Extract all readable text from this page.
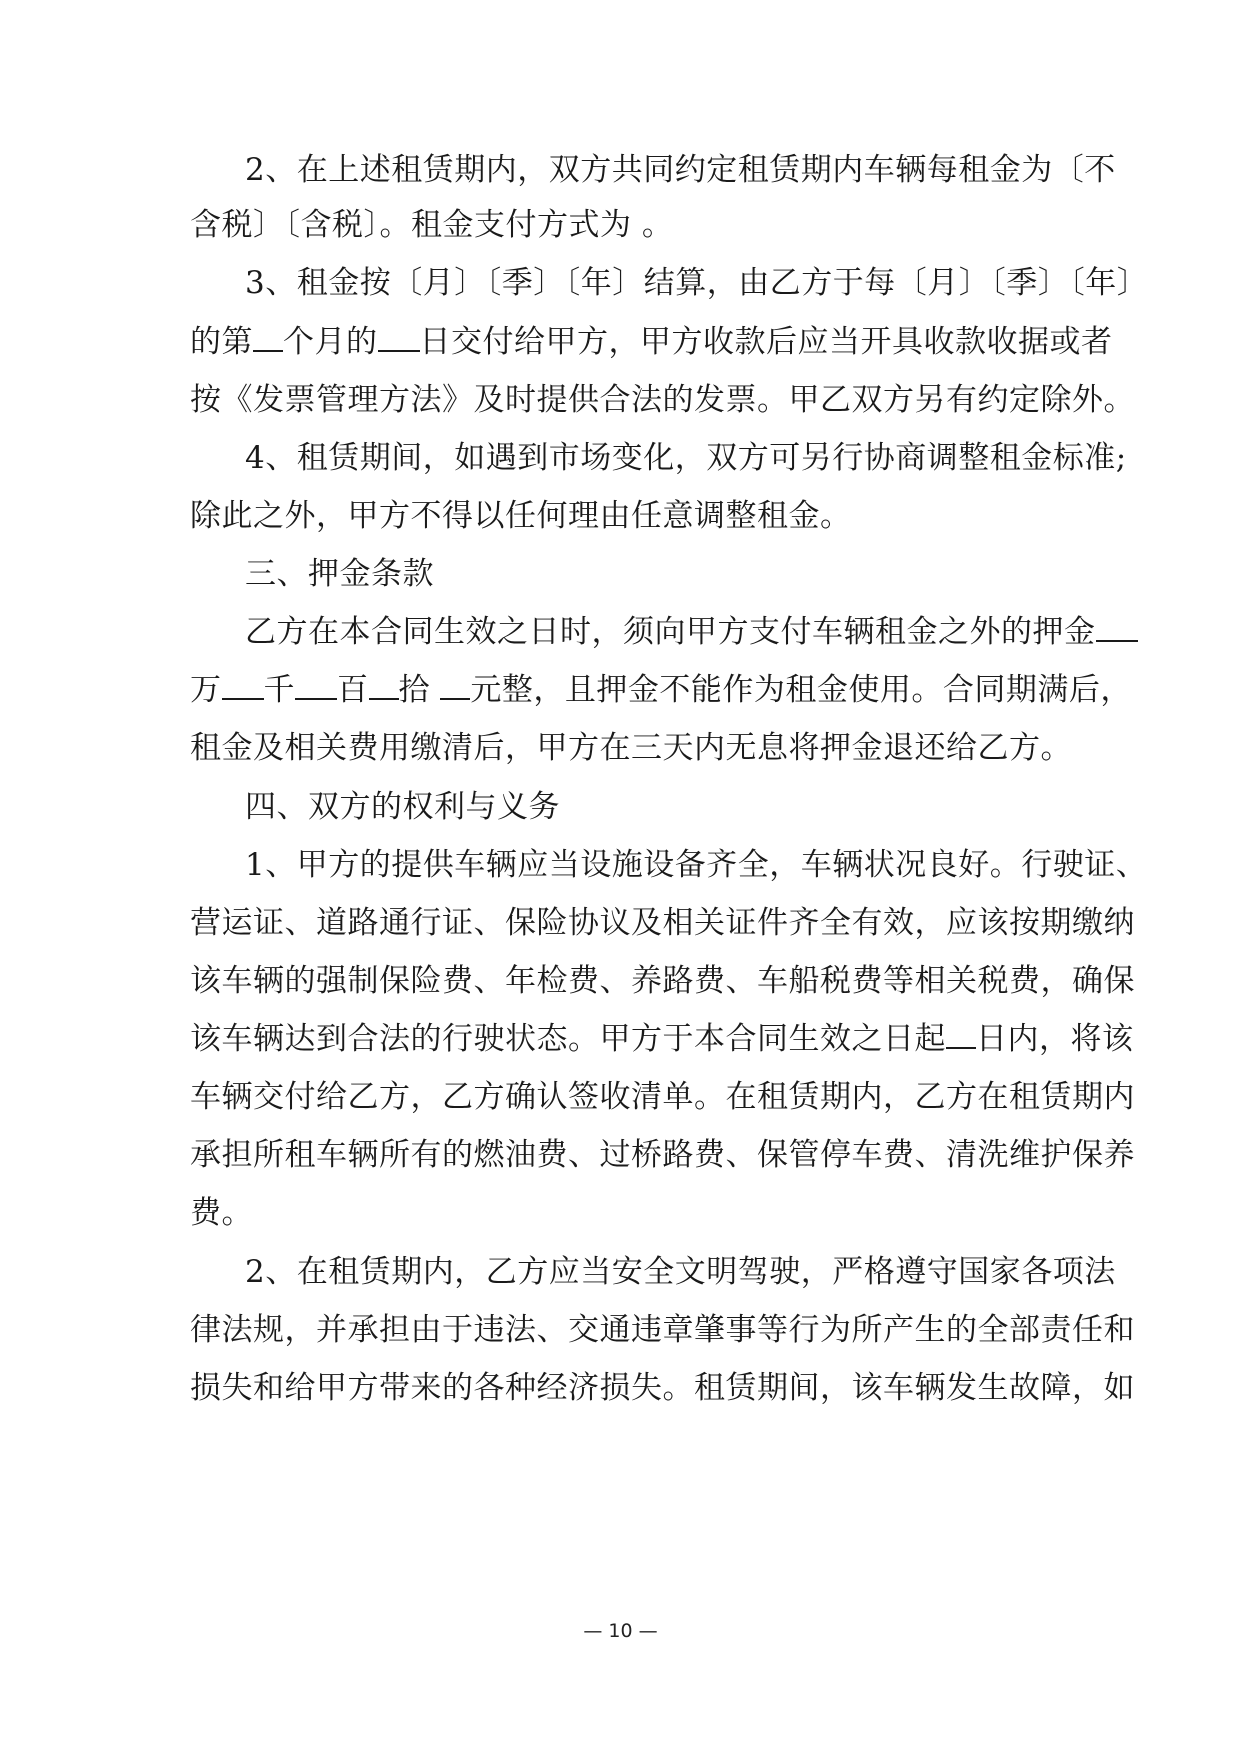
2、在上述租赁期内，双方共同约定租赁期内车辆每租金为〔不
含税〕〔含税〕。租金支付方式为 。
3、租金按〔月〕〔季〕〔年〕结算，由乙方于每〔月〕〔季〕〔年〕
的第 个月的 日交付给甲方，甲方收款后应当开具收款收据或者
按《发票管理方法》及时提供合法的发票。甲乙双方另有约定除外。
4、租赁期间，如遇到市场变化，双方可另行协商调整租金标准;
除此之外，甲方不得以任何理由任意调整租金。
三、押金条款
乙方在本合同生效之日时，须向甲方支付车辆租金之外的押金
万 千 百 拾 元整，且押金不能作为租金使用。合同期满后，
租金及相关费用缴清后，甲方在三天内无息将押金退还给乙方。
四、双方的权利与义务
1、甲方的提供车辆应当设施设备齐全，车辆状况良好。行驶证、
营运证、道路通行证、保险协议及相关证件齐全有效，应该按期缴纳
该车辆的强制保险费、年检费、养路费、车船税费等相关税费，确保
该车辆达到合法的行驶状态。甲方于本合同生效之日起 日内，将该
车辆交付给乙方，乙方确认签收清单。在租赁期内，乙方在租赁期内
承担所租车辆所有的燃油费、过桥路费、保管停车费、清洗维护保养
费。
2、在租赁期内，乙方应当安全文明驾驶，严格遵守国家各项法
律法规，并承担由于违法、交通违章肇事等行为所产生的全部责任和
损失和给甲方带来的各种经济损失。租赁期间，该车辆发生故障，如
— 10 —
